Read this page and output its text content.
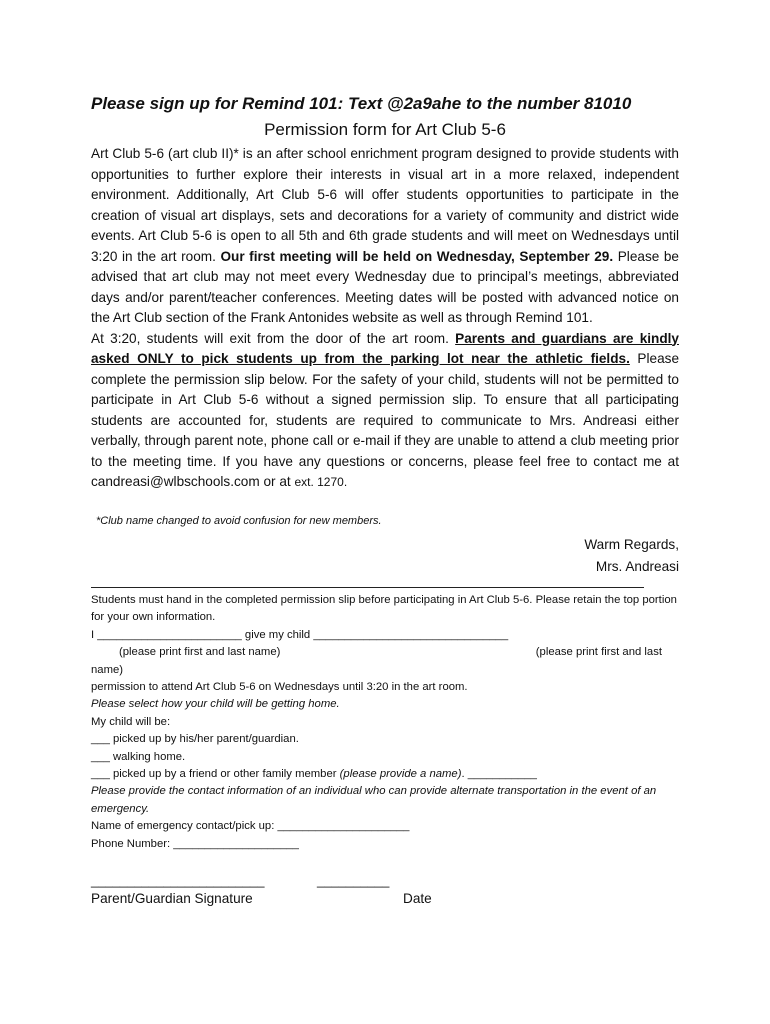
Please sign up for Remind 101: Text @2a9ahe to the number 81010
Permission form for Art Club 5-6

Art Club 5-6 (art club II)* is an after school enrichment program designed to provide students with opportunities to further explore their interests in visual art in a more relaxed, independent environment. Additionally, Art Club 5-6 will offer students opportunities to participate in the creation of visual art displays, sets and decorations for a variety of community and district wide events. Art Club 5-6 is open to all 5th and 6th grade students and will meet on Wednesdays until 3:20 in the art room. Our first meeting will be held on Wednesday, September 29. Please be advised that art club may not meet every Wednesday due to principal’s meetings, abbreviated days and/or parent/teacher conferences. Meeting dates will be posted with advanced notice on the Art Club section of the Frank Antonides website as well as through Remind 101.

At 3:20, students will exit from the door of the art room. Parents and guardians are kindly asked ONLY to pick students up from the parking lot near the athletic fields. Please complete the permission slip below. For the safety of your child, students will not be permitted to participate in Art Club 5-6 without a signed permission slip. To ensure that all participating students are accounted for, students are required to communicate to Mrs. Andreasi either verbally, through parent note, phone call or e-mail if they are unable to attend a club meeting prior to the meeting time. If you have any questions or concerns, please feel free to contact me at candreasi@wlbschools.com or at ext. 1270.

*Club name changed to avoid confusion for new members.
Warm Regards,
Mrs. Andreasi
Students must hand in the completed permission slip before participating in Art Club 5-6. Please retain the top portion for your own information.
I _______________________ give my child _______________________________
(please print first and last name)	(please print first and last
name)
permission to attend Art Club 5-6 on Wednesdays until 3:20 in the art room.
Please select how your child will be getting home.
My child will be:
___ picked up by his/her parent/guardian.
___ walking home.
___ picked up by a friend or other family member (please provide a name). ___________
Please provide the contact information of an individual who can provide alternate transportation in the event of an emergency.
Name of emergency contact/pick up: _____________________
Phone Number: ____________________
________________________	__________
Parent/Guardian Signature	Date
